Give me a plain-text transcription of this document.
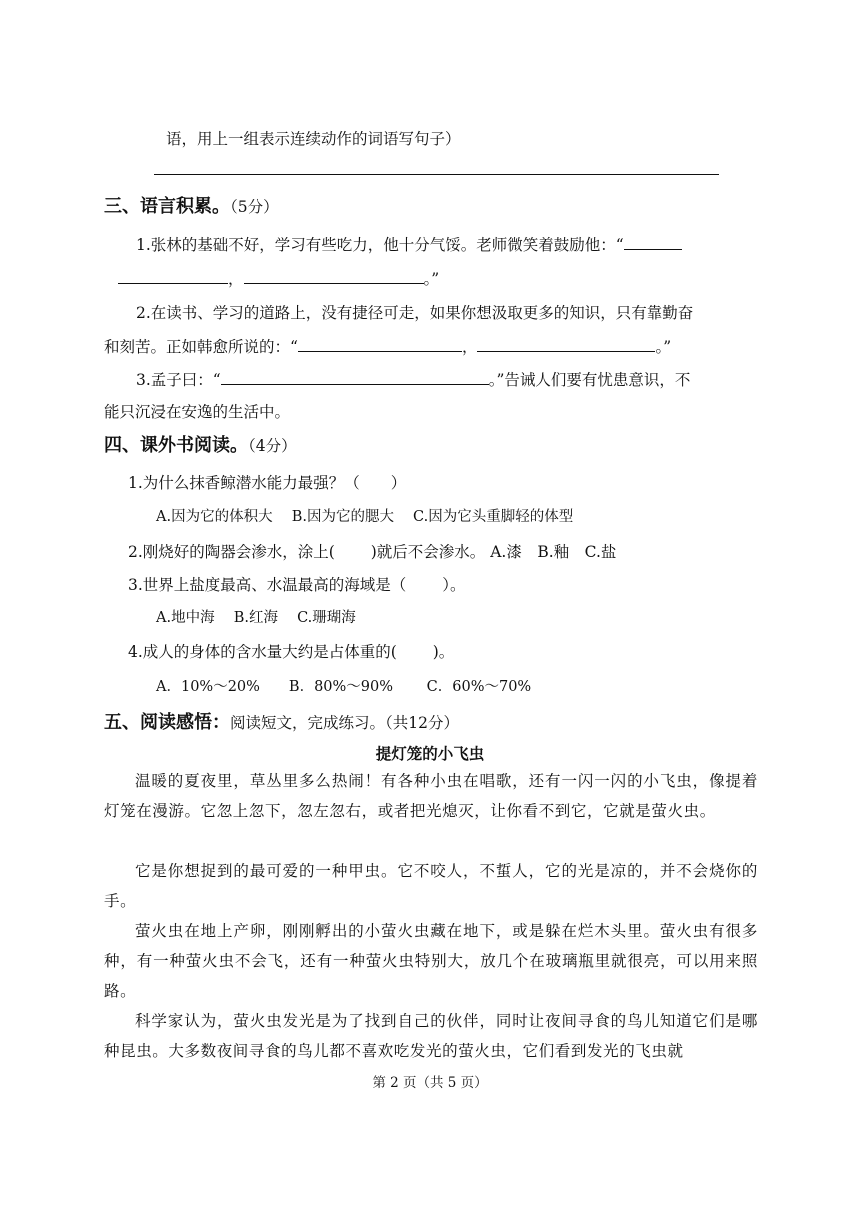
语，用上一组表示连续动作的词语写句子）
三、语言积累。（5分）
1.张林的基础不好，学习有些吃力，他十分气馁。老师微笑着鼓励他：“
，	。”
2.在读书、学习的道路上，没有捷径可走，如果你想汲取更多的知识，只有靠勤奋
和刻苦。正如韩愈所说的：“	，	。”
3.孟子曰：“	。”告诫人们要有忧患意识，不
能只沉浸在安逸的生活中。
四、课外书阅读。（4分）
1.为什么抹香鲸潜水能力最强？（　　）
A.因为它的体积大　 B.因为它的腮大　 C.因为它头重脚轻的体型
2.刚烧好的陶器会渗水，涂上(　　 )就后不会渗水。 A.漆　B.釉　C.盐
3.世界上盐度最高、水温最高的海域是（　　 ）。
A.地中海　 B.红海　 C.珊瑚海
4.成人的身体的含水量大约是占体重的(　　 )。
A．10%～20%　　B．80%～90%　　 C．60%～70%
五、阅读感悟：阅读短文，完成练习。（共12分）
提灯笼的小飞虫
温暖的夏夜里，草丛里多么热闹！有各种小虫在唱歌，还有一闪一闪的小飞虫，像提着灯笼在漫游。它忽上忽下，忽左忽右，或者把光熄灭，让你看不到它，它就是萤火虫。
它是你想捉到的最可爱的一种甲虫。它不咬人，不蜇人，它的光是凉的，并不会烧你的手。
萤火虫在地上产卵，刚刚孵出的小萤火虫藏在地下，或是躲在烂木头里。萤火虫有很多种，有一种萤火虫不会飞，还有一种萤火虫特别大，放几个在玻璃瓶里就很亮，可以用来照路。
科学家认为，萤火虫发光是为了找到自己的伙伴，同时让夜间寻食的鸟儿知道它们是哪种昆虫。大多数夜间寻食的鸟儿都不喜欢吃发光的萤火虫，它们看到发光的飞虫就
第 2 页（共 5 页）
